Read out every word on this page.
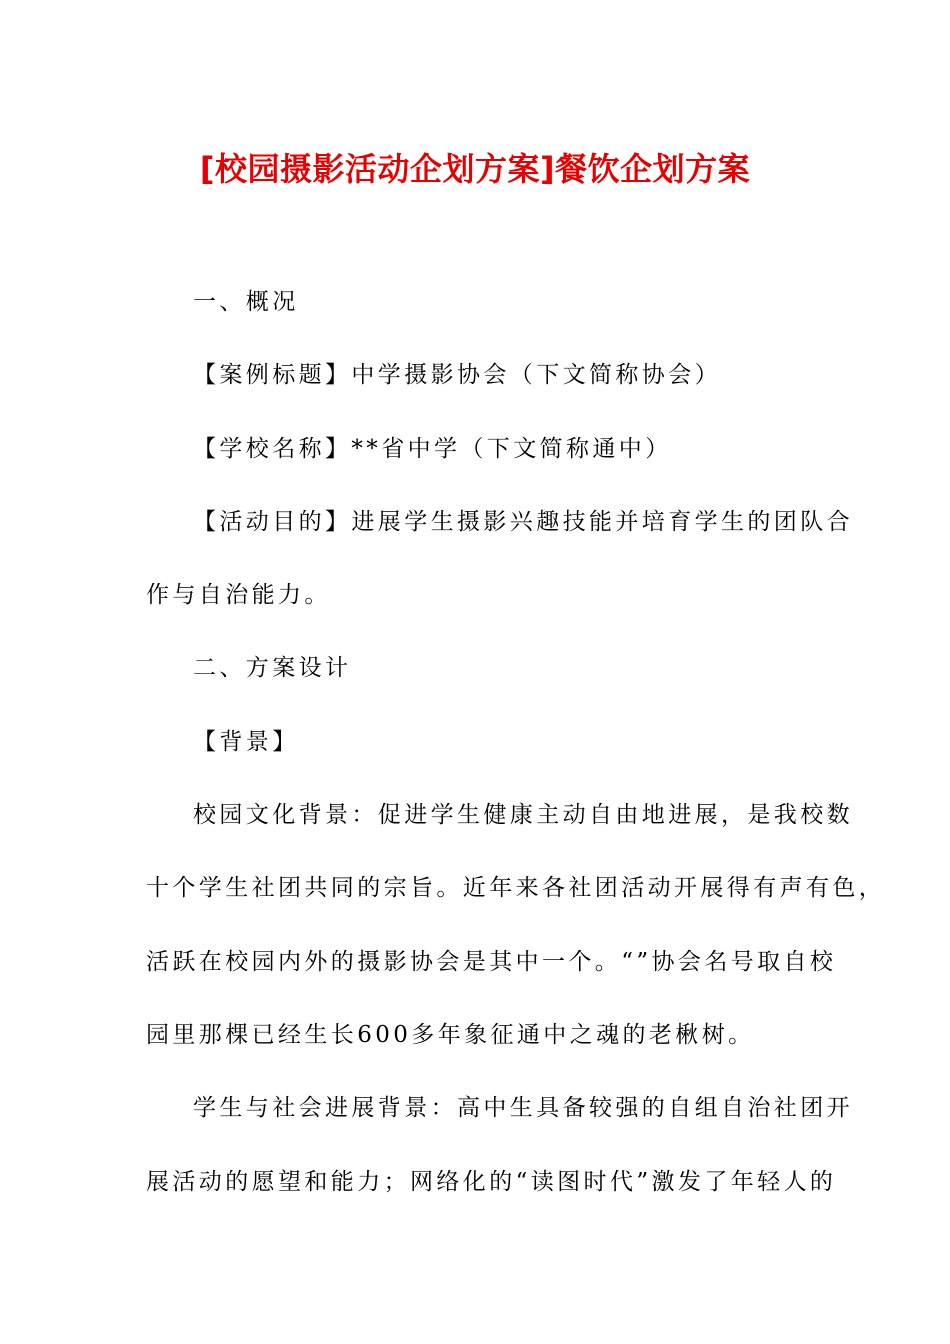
[校园摄影活动企划方案]餐饮企划方案
一、概况
【案例标题】中学摄影协会（下文简称协会）
【学校名称】**省中学（下文简称通中）
【活动目的】进展学生摄影兴趣技能并培育学生的团队合
作与自治能力。
二、方案设计
【背景】
校园文化背景：促进学生健康主动自由地进展，是我校数
十个学生社团共同的宗旨。近年来各社团活动开展得有声有色，
活跃在校园内外的摄影协会是其中一个。“”协会名号取自校
园里那棵已经生长600多年象征通中之魂的老楸树。
学生与社会进展背景：高中生具备较强的自组自治社团开
展活动的愿望和能力；网络化的“读图时代”激发了年轻人的
